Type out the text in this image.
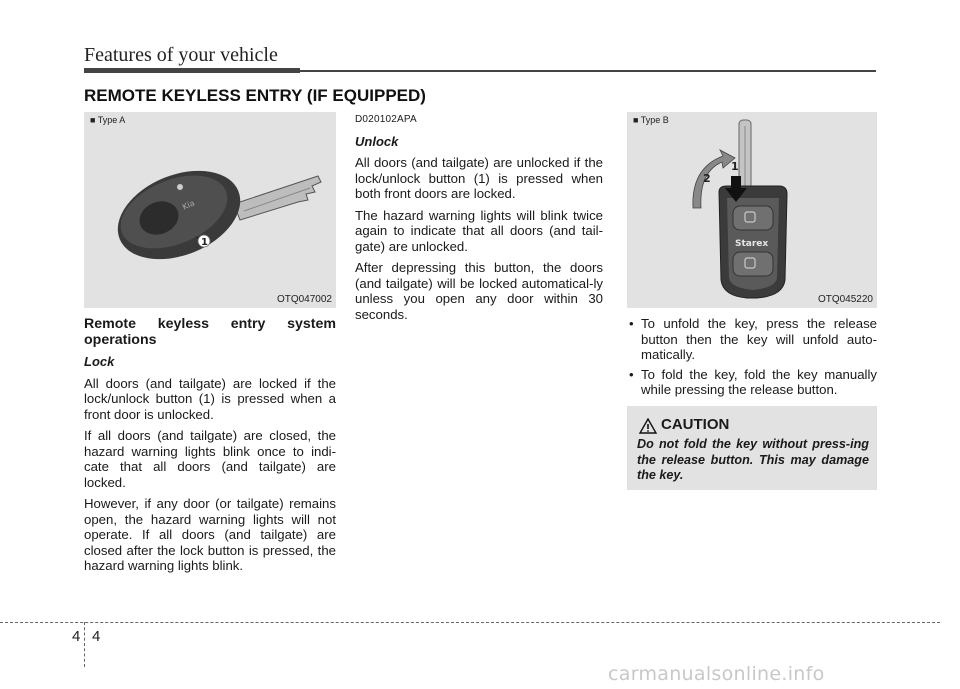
Features of your vehicle
REMOTE KEYLESS ENTRY (IF EQUIPPED)
■ Type A
Kia
1
OTQ047002

Remote keyless entry system operations

Lock

All doors (and tailgate) are locked if the lock/unlock button (1) is pressed when a front door is unlocked.

If all doors (and tailgate) are closed, the hazard warning lights blink once to indi-cate that all doors (and tailgate) are locked.

However, if any door (or tailgate) remains open, the hazard warning lights will not operate. If all doors (and tailgate) are closed after the lock button is pressed, the hazard warning lights blink.

D020102APA

Unlock

All doors (and tailgate) are unlocked if the lock/unlock button (1) is pressed when both front doors are locked.

The hazard warning lights will blink twice again to indicate that all doors (and tail-gate) are unlocked.

After depressing this button, the doors (and tailgate) will be locked automatical-ly unless you open any door within 30 seconds.

■ Type B
Starex
1
2
OTQ045220
• To unfold the key, press the release button then the key will unfold auto-matically.
• To fold the key, fold the key manually while pressing the release button.
CAUTION
Do not fold the key without press-ing the release button. This may damage the key.
4 4
carmanualsonline.info
